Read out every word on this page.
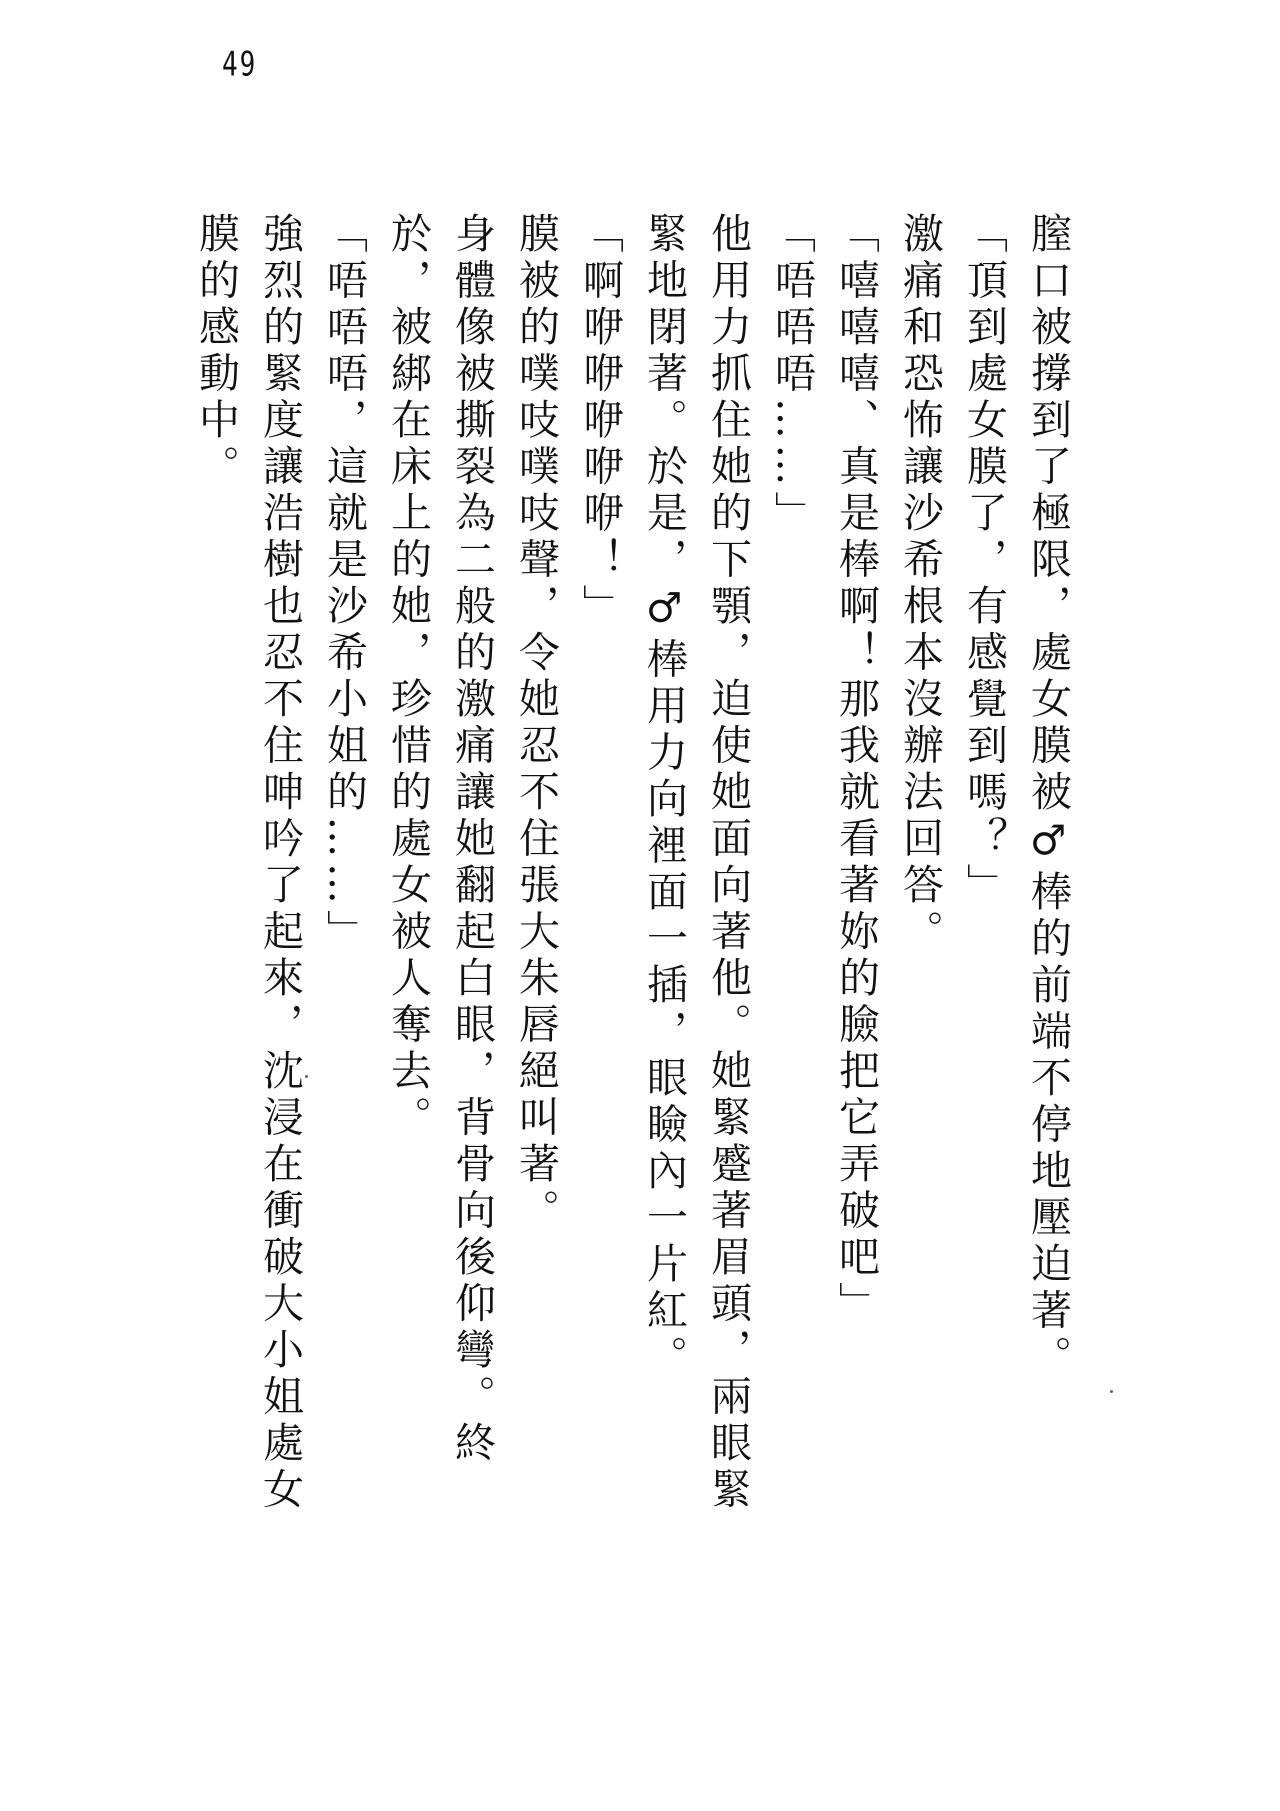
49

膣口被撐到了極限，處女膜被♂棒的前端不停地壓迫著。

「頂到處女膜了，有感覺到嗎？」

激痛和恐怖讓沙希根本沒辦法回答。

「嘻嘻嘻、真是棒啊！那我就看著妳的臉把它弄破吧」

「唔唔唔……」

他用力抓住她的下顎，迫使她面向著他。她緊蹙著眉頭，兩眼緊

緊地閉著。於是，♂棒用力向裡面一插，眼瞼內一片紅。

「啊咿咿咿咿咿！」

膜被的噗吱噗吱聲，令她忍不住張大朱唇絕叫著。

身體像被撕裂為二般的激痛讓她翻起白眼，背骨向後仰彎。終

於，被綁在床上的她，珍惜的處女被人奪去。

「唔唔唔，這就是沙希小姐的……」

強烈的緊度讓浩樹也忍不住呻吟了起來，沈浸在衝破大小姐處女

膜的感動中。
